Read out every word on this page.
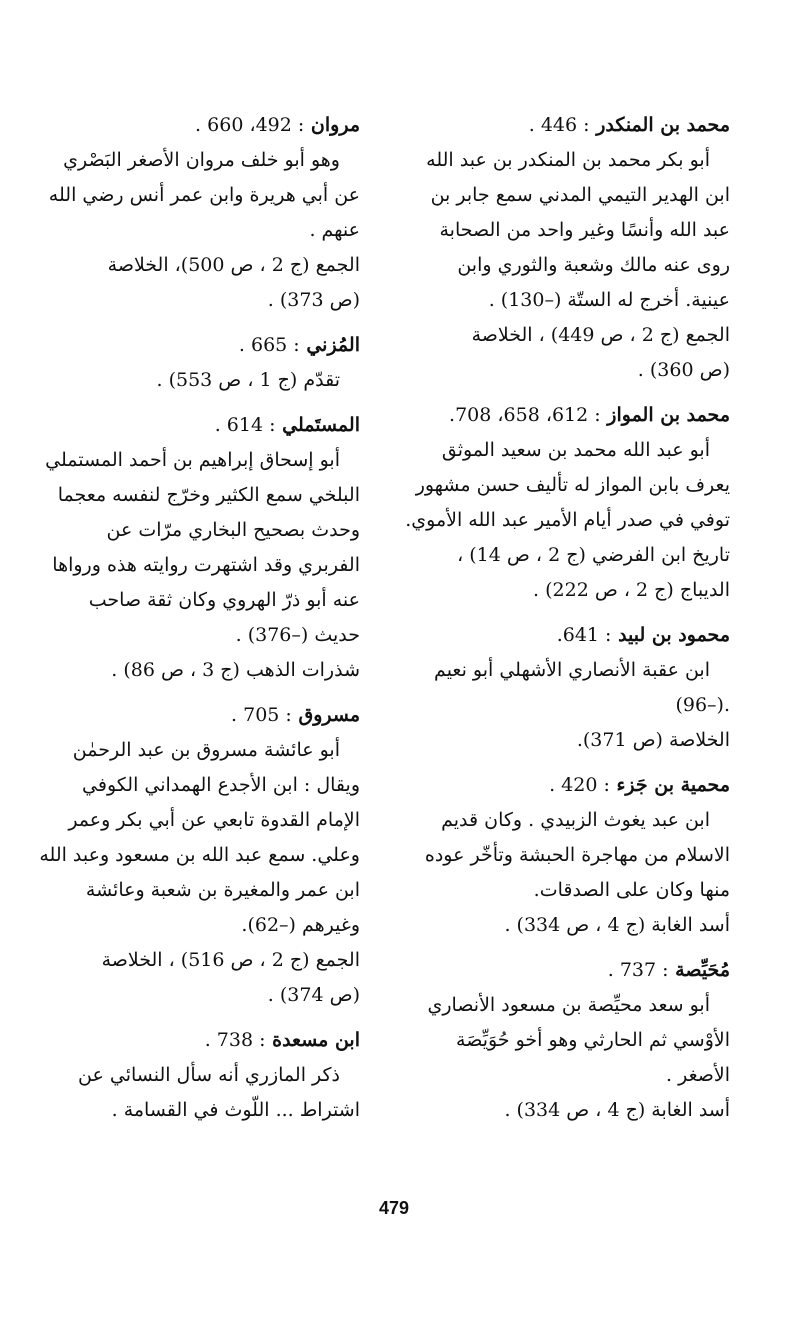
محمد بن المنكدر : 446 .
أبو بكر محمد بن المنكدر بن عبد الله
ابن الهدير التيمي المدني سمع جابر بن
عبد الله وأنسًا وغير واحد من الصحابة
روى عنه مالك وشعبة والثوري وابن
عينية. أخرج له الستّة (–130) .
الجمع (ج 2 ، ص 449) ، الخلاصة
(ص 360) .
محمد بن المواز : 612، 658، 708.
أبو عبد الله محمد بن سعيد الموثق
يعرف بابن المواز له تأليف حسن مشهور
توفي في صدر أيام الأمير عبد الله الأموي.
تاريخ ابن الفرضي (ج 2 ، ص 14) ،
الديباج (ج 2 ، ص 222) .
محمود بن لبيد : 641.
ابن عقبة الأنصاري الأشهلي أبو نعيم
.(–96)
الخلاصة (ص 371).
محمية بن جَزء : 420 .
ابن عبد يغوث الزبيدي . وكان قديم
الاسلام من مهاجرة الحبشة وتأخّر عوده
منها وكان على الصدقات.
أسد الغابة (ج 4 ، ص 334) .
مُحَيِّصة : 737 .
أبو سعد محيِّصة بن مسعود الأنصاري
الأوْسي ثم الحارثي وهو أخو حُوَيِّصَة
الأصغر .
أسد الغابة (ج 4 ، ص 334) .
مروان : 492، 660 .
وهو أبو خلف مروان الأصغر البَصْري
عن أبي هريرة وابن عمر أنس رضي الله
عنهم .
الجمع (ج 2 ، ص 500)، الخلاصة
(ص 373) .
المُزني : 665 .
تقدّم (ج 1 ، ص 553) .
المستَملي : 614 .
أبو إسحاق إبراهيم بن أحمد المستملي
البلخي سمع الكثير وخرّج لنفسه معجما
وحدث بصحيح البخاري مرّات عن
الفربري وقد اشتهرت روايته هذه ورواها
عنه أبو ذرّ الهروي وكان ثقة صاحب
حديث (–376) .
شذرات الذهب (ج 3 ، ص 86) .
مسروق : 705 .
أبو عائشة مسروق بن عبد الرحمٰن
ويقال : ابن الأجدع الهمداني الكوفي
الإمام القدوة تابعي عن أبي بكر وعمر
وعلي. سمع عبد الله بن مسعود وعبد الله
ابن عمر والمغيرة بن شعبة وعائشة
وغيرهم (–62).
الجمع (ج 2 ، ص 516) ، الخلاصة
(ص 374) .
ابن مسعدة : 738 .
ذكر المازري أنه سأل النسائي عن
اشتراط ... اللّوث في القسامة .
479
